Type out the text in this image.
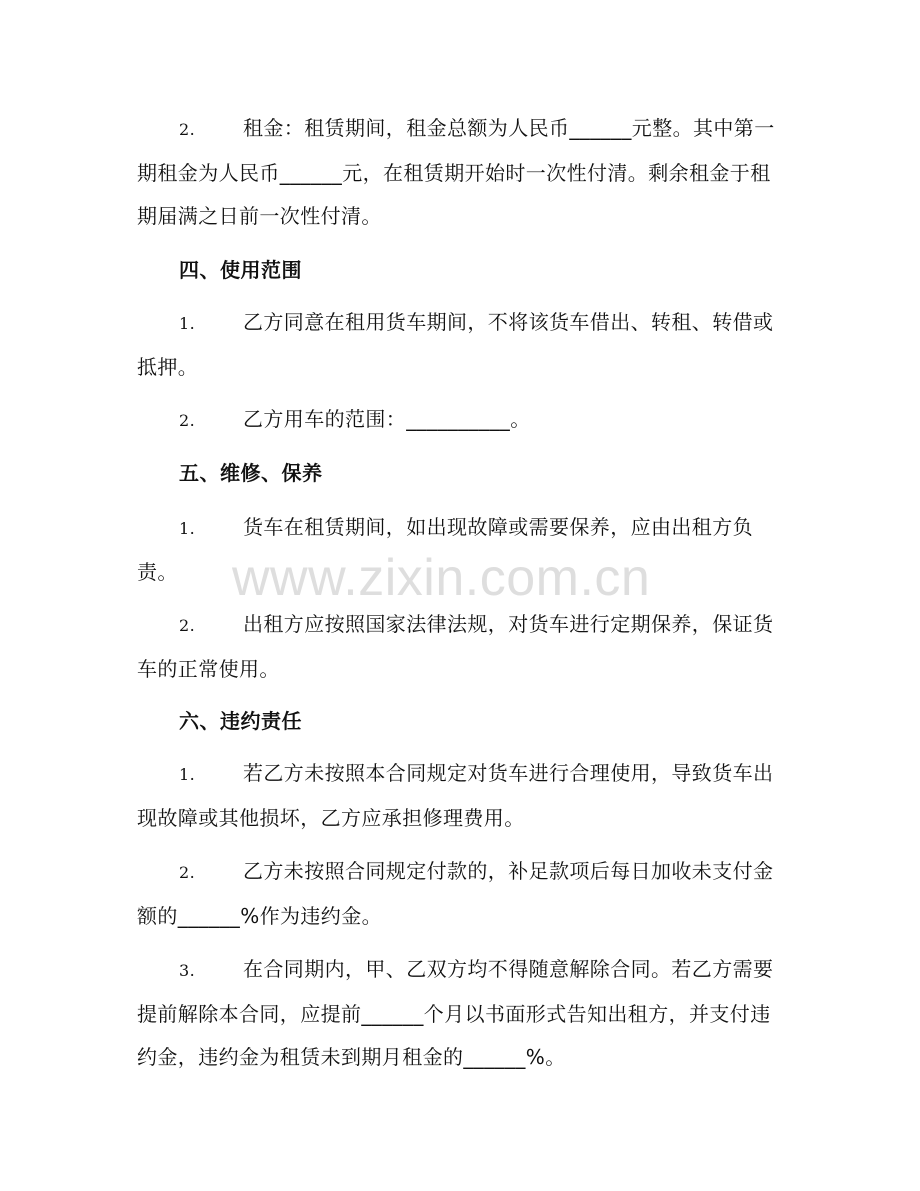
www.zixin.com.cn
2. 租金：租赁期间，租金总额为人民币______元整。其中第一期租金为人民币______元，在租赁期开始时一次性付清。剩余租金于租期届满之日前一次性付清。
四、使用范围
1. 乙方同意在租用货车期间，不将该货车借出、转租、转借或抵押。
2. 乙方用车的范围：__________。
五、维修、保养
1. 货车在租赁期间，如出现故障或需要保养，应由出租方负责。
2. 出租方应按照国家法律法规，对货车进行定期保养，保证货车的正常使用。
六、违约责任
1. 若乙方未按照本合同规定对货车进行合理使用，导致货车出现故障或其他损坏，乙方应承担修理费用。
2. 乙方未按照合同规定付款的，补足款项后每日加收未支付金额的______%作为违约金。
3. 在合同期内，甲、乙双方均不得随意解除合同。若乙方需要提前解除本合同，应提前______个月以书面形式告知出租方，并支付违约金，违约金为租赁未到期月租金的______%。
